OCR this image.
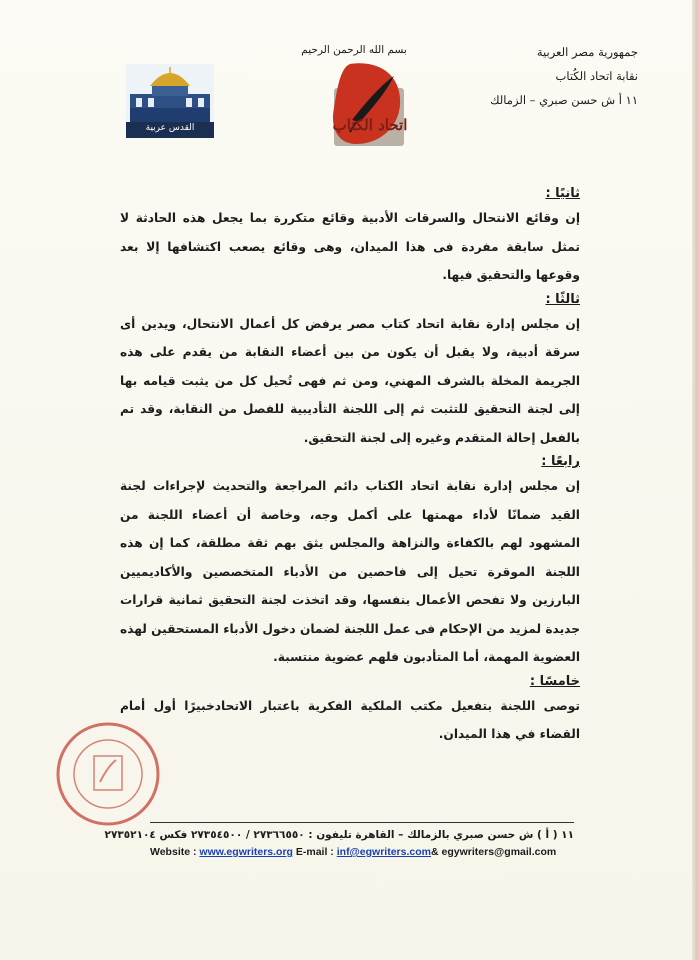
جمهورية مصر العربية
نقابة اتحاد الكُتاب
١١ أ ش حسن صبري – الزمالك
بسم الله الرحمن الرحيم
اتحاد الكتاب
القدس عربية

ثانيًا :

إن وقائع الانتحال والسرقات الأدبية وقائع متكررة بما يجعل هذه الحادثة لا تمثل سابقة مفردة فى هذا الميدان، وهى وقائع يصعب اكتشافها إلا بعد وقوعها والتحقيق فيها.

ثالثًا :

إن مجلس إدارة نقابة اتحاد كتاب مصر يرفض كل أعمال الانتحال، ويدين أى سرقة أدبية، ولا يقبل أن يكون من بين أعضاء النقابة من يقدم على هذه الجريمة المخلة بالشرف المهني، ومن ثم فهى تُحيل كل من يثبت قيامه بها إلى لجنة التحقيق للتثبت ثم إلى اللجنة التأديبية للفصل من النقابة، وقد تم بالفعل إحالة المتقدم وغيره إلى لجنة التحقيق.

رابعًا :

إن مجلس إدارة نقابة اتحاد الكتاب دائم المراجعة والتحديث لإجراءات لجنة القيد ضمانًا لأداء مهمتها على أكمل وجه، وخاصة أن أعضاء اللجنة من المشهود لهم بالكفاءة والنزاهة والمجلس يثق بهم ثقة مطلقة، كما إن هذه اللجنة الموقرة تحيل إلى فاحصين من الأدباء المتخصصين والأكاديميين البارزين ولا تفحص الأعمال بنفسها، وقد اتخذت لجنة التحقيق ثمانية قرارات جديدة لمزيد من الإحكام فى عمل اللجنة لضمان دخول الأدباء المستحقين لهذه العضوية المهمة، أما المتأدبون فلهم عضوية منتسبة.

خامسًا :

توصى اللجنة بتفعيل مكتب الملكية الفكرية باعتبار الاتحادخبيرًا أول أمام القضاء في هذا الميدان.

١١ ( أ ) ش حسن صبري بالزمالك – القاهرة تليفون : ٢٧٣٦٦٥٥٠ / ٢٧٣٥٤٥٠٠ فكس ٢٧٣٥٢١٠٤
Website : www.egwriters.org E-mail : inf@egwriters.com& egywriters@gmail.com
